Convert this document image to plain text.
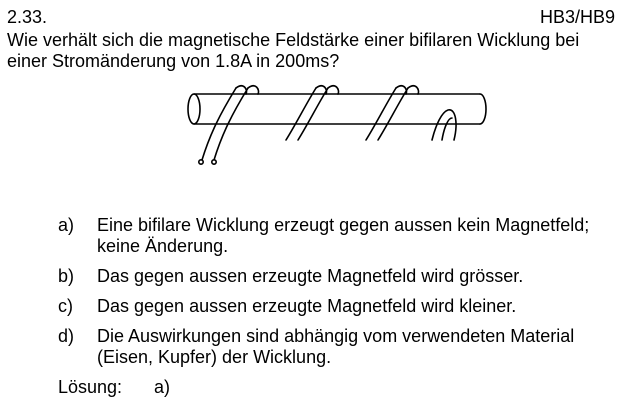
2.33.	HB3/HB9

Wie verhält sich die magnetische Feldstärke einer bifilaren Wicklung bei
einer Stromänderung von 1.8A in 200ms?

a)	Eine bifilare Wicklung erzeugt gegen aussen kein Magnetfeld;
keine Änderung.
b)	Das gegen aussen erzeugte Magnetfeld wird grösser.
c)	Das gegen aussen erzeugte Magnetfeld wird kleiner.
d)	Die Auswirkungen sind abhängig vom verwendeten Material
(Eisen, Kupfer) der Wicklung.
Lösung:	a)
